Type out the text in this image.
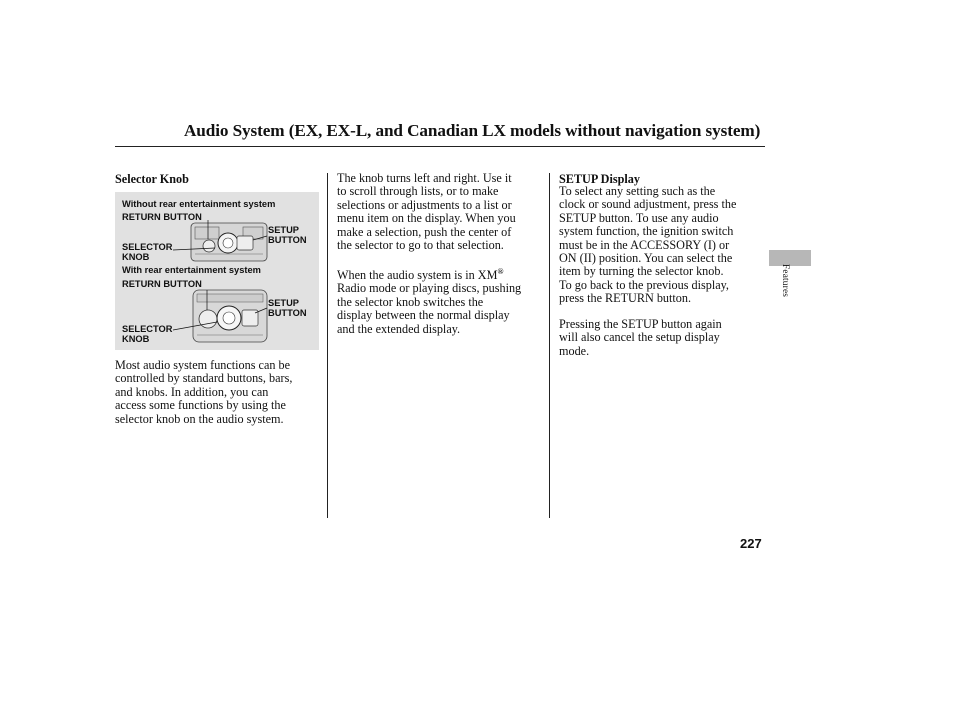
Audio System (EX, EX-L, and Canadian LX models without navigation system)
Selector Knob
Without rear entertainment system
RETURN BUTTON
SETUP
BUTTON
SELECTOR
KNOB
With rear entertainment system
RETURN BUTTON
SETUP
BUTTON
SELECTOR
KNOB

Most audio system functions can be
controlled by standard buttons, bars,
and knobs. In addition, you can
access some functions by using the
selector knob on the audio system.

The knob turns left and right. Use it
to scroll through lists, or to make
selections or adjustments to a list or
menu item on the display. When you
make a selection, push the center of
the selector to go to that selection.

When the audio system is in XM®
Radio mode or playing discs, pushing
the selector knob switches the
display between the normal display
and the extended display.

SETUP Display

To select any setting such as the
clock or sound adjustment, press the
SETUP button. To use any audio
system function, the ignition switch
must be in the ACCESSORY (I) or
ON (II) position. You can select the
item by turning the selector knob.
To go back to the previous display,
press the RETURN button.

Pressing the SETUP button again
will also cancel the setup display
mode.

Features
227
